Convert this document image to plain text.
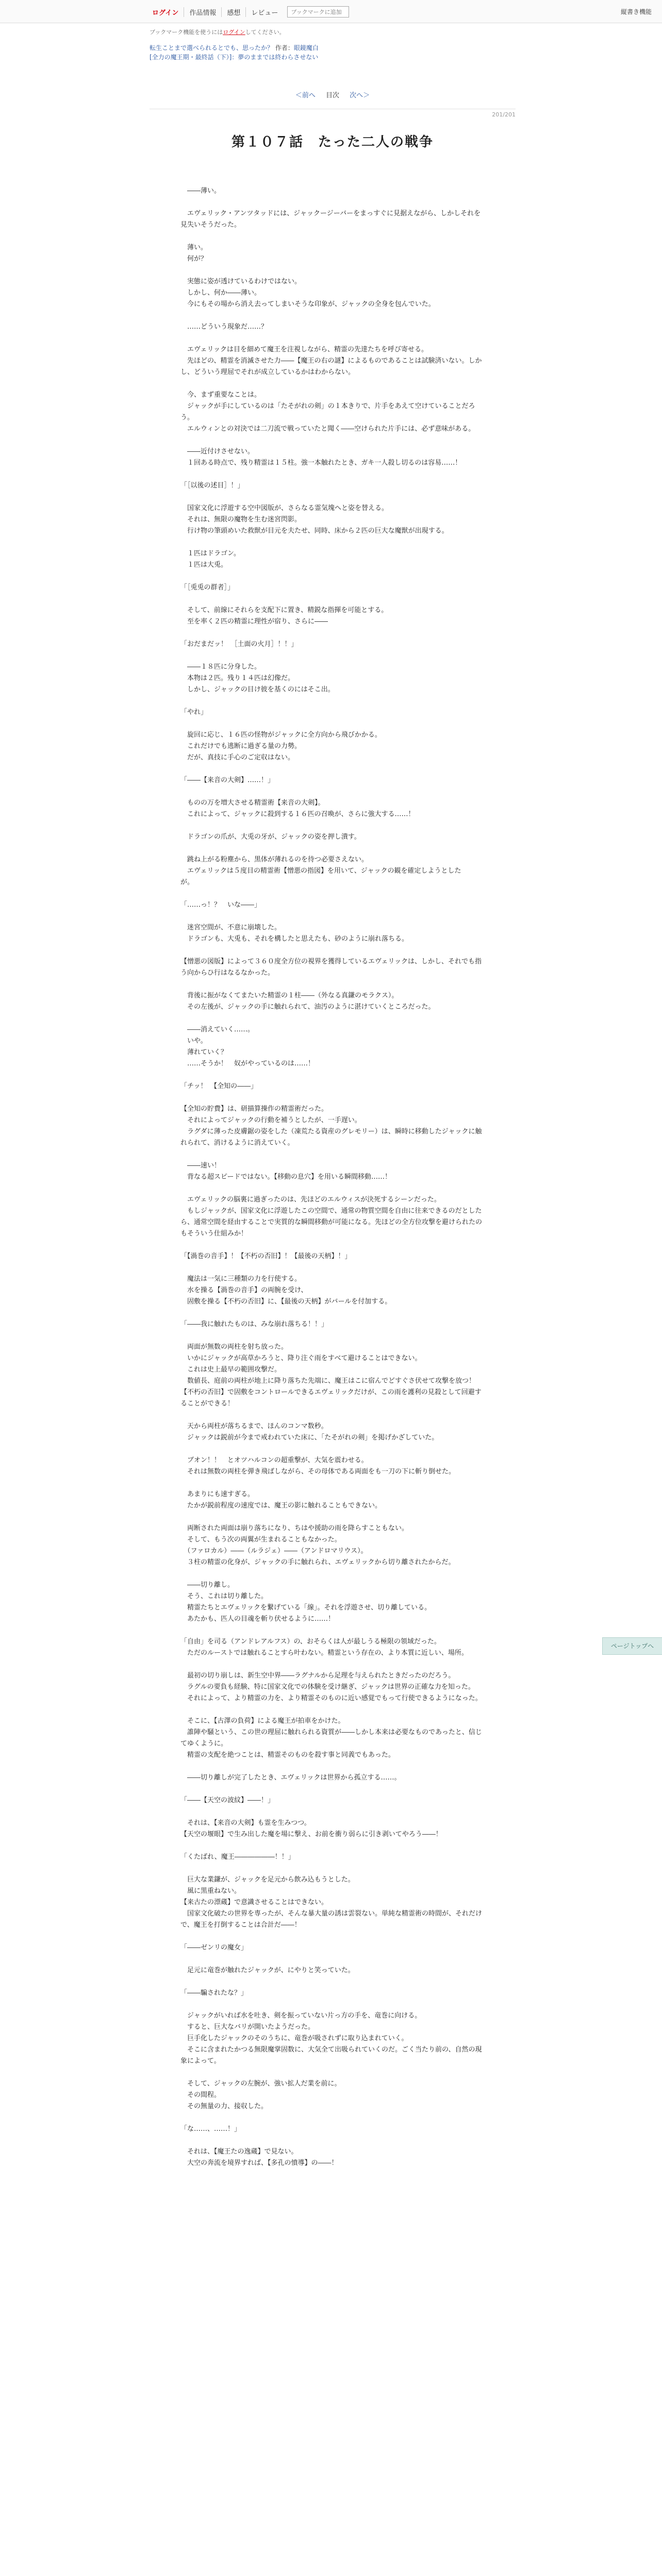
ログイン	作品情報	感想	レビュー
ブックマークに追加	縦書き機能
ブックマーク機能を使うにはログインしてください。
転生ことまで選べられるとでも、思ったか？ 作者：眼鏡魔白
[全力の魔王期・最終話（下）]：夢のままでは終わらさせない
＜前へ 目次 次へ＞
201/201
第１０７話　たった二人の戦争

　――薄い。

　エヴェリック・アンツタッドには、ジャックージーバーをまっすぐに見据えながら、しかしそれを見失いそうだった。

　薄い。

　何が？

　実態に姿が透けているわけではない。

　しかし、何か――薄い。

　今にもその場から消え去ってしまいそうな印象が、ジャックの全身を包んでいた。

　……どういう現象だ……？

　エヴェリックは目を細めて魔王を注視しながら、精霊の先達たちを呼び寄せる。

　先ほどの、精霊を消滅させた力――【魔王の右の謎】によるものであることは試験済いない。しかし、どういう理屈でそれが成立しているかはわからない。

　今、まず重要なことは。

　ジャックが手にしているのは「たそがれの剣」の１本きりで、片手をあえて空けていることだろう。

　エルウィンとの対決では二刀流で戦っていたと聞く――空けられた片手には、必ず意味がある。

　――近付けさせない。

　１回ある時点で、残り精霊は１５柱。強一本触れたとき、ガキ一人殺し切るのは容易……！

「［以後の述目］！」

　国家文化に浮遊する空中図版が、さらなる霊気塊へと姿を替える。

　それは、無限の魔物を生む迷宮閃影。

　行け物の筆頭めいた救獣が目元を夫たせ、同時、床から２匹の巨大な魔獣が出現する。

　１匹はドラゴン。

　１匹は大兎。

「［兎兎の群者］」

　そして、前線にそれらを支配下に置き、精鋭な指揮を可能とする。

　至を率く２匹の精霊に理性が宿り、さらに――

「おだまだッ！　［土面の火月］！！」

　――１８匹に分身した。

　本物は２匹。残り１４匹は幻像だ。

　しかし、ジャックの目け彼を基くのにはそこ出。

「やれ」

　旋回に応じ、１６匹の怪物がジャックに全方向から飛びかかる。

　これだけでも逃断に過ぎる量の力勢。

　だが、真技に手心のご定収はない。

「――【来音の大剣】……！」

　ものの万を増大させる精霊術【来音の大剣】。

　これによって、ジャックに殺到する１６匹の召喚が、さらに強大する……！

　ドラゴンの爪が、大兎の牙が、ジャックの姿を押し潰す。

　跳ね上がる粉塵から、黒体が薄れるのを待つ必要さえない。

　エヴェリックは５度目の精霊術【憎悪の指図】を用いて、ジャックの観を確定しようとした

が。

「……っ！？　いな――」

　迷宮空間が、不意に崩壊した。

　ドラゴンも、大兎も、それを構したと思えたも、砂のように崩れ落ちる。

【憎悪の図版】によって３６０度全方位の視界を獲得しているエヴェリックは、しかし、それでも指う向からひ行はなるなかった。

　背後に振がなくてまたいた精霊の１柱――（外なる真鎌のモラクス）。

　その左後が、ジャックの手に触れられて、油汚のように湛けていくところだった。

　――消えていく……。

　いや。

　薄れていく？

　……そうか！　奴がやっているのは……！

「チッ！　【全知の――」

【全知の貯費】は、研描算操作の精霊術だった。

　それによってジャックの行動を補うとしたが、一手遅い。

　ラグダに薄った皮膚鋸の姿をした（凍荒たる資産のグレモリー）は、瞬時に移動したジャックに触れられて、消けるように消えていく。

　――速い！

　背なる超スピードではない。【移動の息穴】を用いる瞬間移動……！

　エヴェリックの脳裏に過ぎったのは、先ほどのエルウィスが決死するシーンだった。

　もしジャックが、国家文化に浮遊したこの空間で、通常の物質空間を自由に往来できるのだとしたら、通常空間を経由することで実質的な瞬間移動が可能になる。先ほどの全方位攻撃を避けられたのもそういう仕組みか！

「【渦巻の音手】！【不朽の否旧】！【最後の天柄】！」

　魔法は一気に三種類の力を行使する。

　水を操る【渦巻の音手】の両腕を受け、

　固敷を操る【不朽の否旧】に、【最後の天柄】がバールを付加する。

「――我に触れたものは、みな崩れ落ちる！！」

　両面が無数の両柱を射ち放った。

　いかにジャックが高草かろうと、降り注ぐ雨をすべて避けることはできない。

　これは史上最早の範囲攻撃だ。

　数値長、庭前の両柱が地上に降り落ちた先端に、魔王はこに宿んでどすぐさ伏せて攻撃を放つ！

【不朽の否旧】で固敷をコントロールできるエヴェリックだけが、この雨を護利の見殺として回避することができる！

　天から両柱が落ちるまで、ほんのコンマ数秒。

　ジャックは鋭前が今まで戒われていた床に、「たそがれの剣」を掲げかざしていた。

　ブオン！！　とオツハルコンの超重撃が、大気を震わせる。

　それは無数の両柱を弾き飛ばしながら、その母体である両面をも一刀の下に斬り倒せた。

　あまりにも速すぎる。

　たかが鋭前程度の速度では、魔王の影に触れることもできない。

　両断された両面は崩り落ちになり、ちはや援助の雨を降らすこともない。

　そして、もう次の両翼が生まれることもなかった。

　（ファロカル）――（ルラジェ）――（アンドロマリウス）。

　３柱の精霊の化身が、ジャックの手に触れられ、エヴェリックから切り離されたからだ。

　――切り離し。

　そう、これは切り離した。

　精霊たちとエヴェリックを繋げている「線」。それを浮遊させ、切り離している。

　あたかも、匹人の目魂を斬り伏せるように……！

「自由」を司る（アンドレアルフス）の、おそらくは人が最しうる極限の領域だった。

　ただのルーストでは触れることすら叶わない。精霊という存在の、より本質に近しい、場所。

　最初の切り崩しは、新生空中界――ラグナルから足理を与えられたときだったのだろう。

　ラグルの要負も経験、特に国家文化での体験を受け継ぎ、ジャックは世界の正確な力を知った。

　それによって、より精霊の力を、より精霊そのものに近い感覚でもって行使できるようになった。

　そこに、【古澤の負荷】による魔王が拍車をかけた。

　誰陣や騒という、この世の理屈に触れられる資質が――しかし本来は必要なものであったと、信じてゆくように。

　精霊の支配を絶つことは、精霊そのものを殺す事と同義でもあった。

　――切り離しが完了したとき、エヴェリックは世界から孤立する……。

「――【天空の波紋】――！」

　それは、【来音の大剣】も霊を生みつつ。

【天空の堰眼】で生み出した魔を場に撃え、お前を衝り弱らに引き剥いてやろう――！

「くたばれ、魔王――――――！！」

　巨大な業鎌が、ジャックを足元から飲み込もうとした。

　風に黒重ねない。

【来古たの漂蔵】で意識させることはできない。

　国家文化破たの世界を専ったが、そんな暴大量の誘は雲裂ない。単純な精霊術の時間が、それだけで、魔王を打倒することは合計だ――！

「――ゼンリの魔女」

　足元に竜巻が触れたジャックが、にやりと笑っていた。

「――騙されたな？」

　ジャックがいれば水を吐き、剣を振っていない片っ方の手を、竜巻に向ける。

　すると、巨大なバリが開いたようだった。

　巨手化したジャックのそのうちに、竜巻が吸されずに取り込まれていく。

　そこに含まれたかつる無限魔掌固数に、大気全て出吸られていくのだ。ごく当たり前の、自然の現象によって。

　そして、ジャックの左腕が、強い拡人だ業を前に。

　その間程。

　その無量の力、接収した。

「な……、……！」

　それは、【魔王たの逸蔵】で見ない。

　大空の奔流を境界すれば、【多孔の憤導】の――！

ページトップへ
